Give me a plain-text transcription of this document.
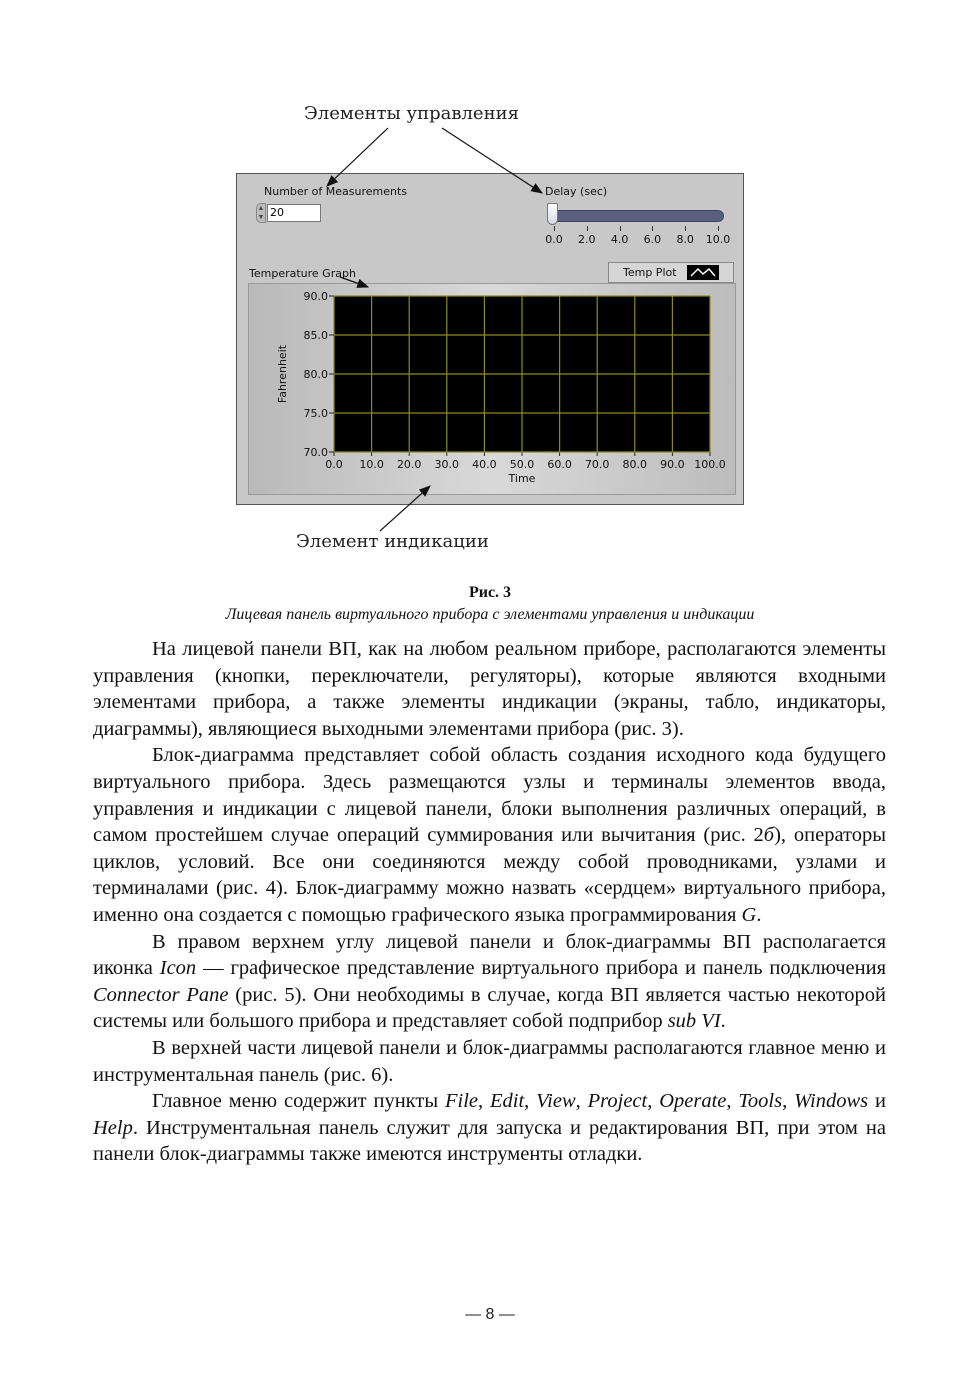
Элементы управления
Number of Measurements
▲
▼ 20
Delay (sec)
0.0	2.0	4.0	6.0	8.0	10.0
Temperature Graph	Temp Plot
0.0 10.0 20.0 30.0 40.0 50.0 60.0 70.0 80.0 90.0 100.0
70.0
75.0
80.0
85.0
90.0
Time
Fahrenheit
Элемент индикации
Рис. 3
Лицевая панель виртуального прибора с элементами управления и индикации

На лицевой панели ВП, как на любом реальном приборе, располагаются элементы управления (кнопки, переключатели, регуляторы), которые являются входными элементами прибора, а также элементы индикации (экраны, табло, индикаторы, диаграммы), являющиеся выходными элементами прибора (рис. 3).

Блок-диаграмма представляет собой область создания исходного кода будущего виртуального прибора. Здесь размещаются узлы и терминалы элементов ввода, управления и индикации с лицевой панели, блоки выполнения различных операций, в самом простейшем случае операций суммирования или вычитания (рис. 2б), операторы циклов, условий. Все они соединяются между собой проводниками, узлами и терминалами (рис. 4). Блок-диаграмму можно назвать «сердцем» виртуального прибора, именно она создается с помощью графического языка программирования G.

В правом верхнем углу лицевой панели и блок-диаграммы ВП располагается иконка Icon — графическое представление виртуального прибора и панель подключения Connector Pane (рис. 5). Они необходимы в случае, когда ВП является частью некоторой системы или большого прибора и представляет собой подприбор sub VI.

В верхней части лицевой панели и блок-диаграммы располагаются главное меню и инструментальная панель (рис. 6).

Главное меню содержит пункты File, Edit, View, Project, Operate, Tools, Windows и Help. Инструментальная панель служит для запуска и редактирования ВП, при этом на панели блок-диаграммы также имеются инструменты отладки.

— 8 —
